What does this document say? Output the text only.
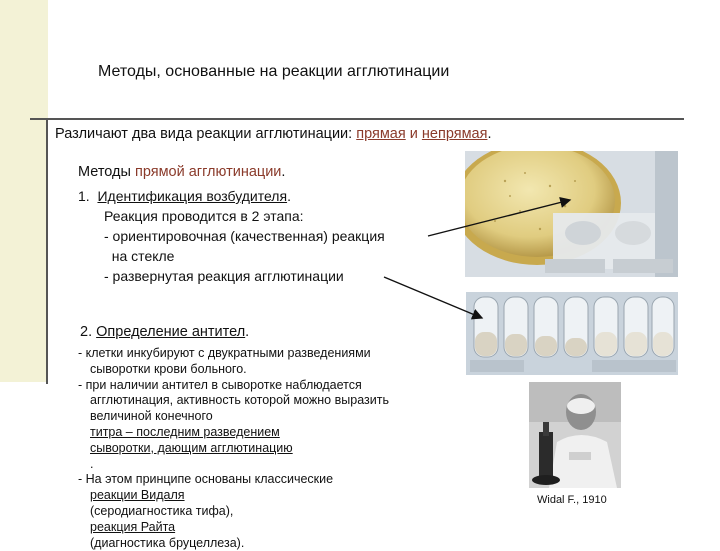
Методы, основанные на реакции агглютинации
Различают два вида реакции агглютинации: прямая и непрямая.
Методы прямой агглютинации.
1. Идентификация возбудителя.
Реакция проводится в 2 этапа:
- ориентировочная (качественная) реакция
на стекле
- развернутая реакция агглютинации
2. Определение антител.
- клетки инкубируют с двукратными разведениями
сыворотки крови больного.
- при наличии антител в сыворотке наблюдается
агглютинация, активность которой можно выразить
величиной конечного
титра – последним разведением
сыворотки, дающим агглютинацию
.
- На этом принципе основаны классические
реакции Видаля
(серодиагностика тифа),
реакция Райта
(диагностика бруцеллеза).
Widal F., 1910
